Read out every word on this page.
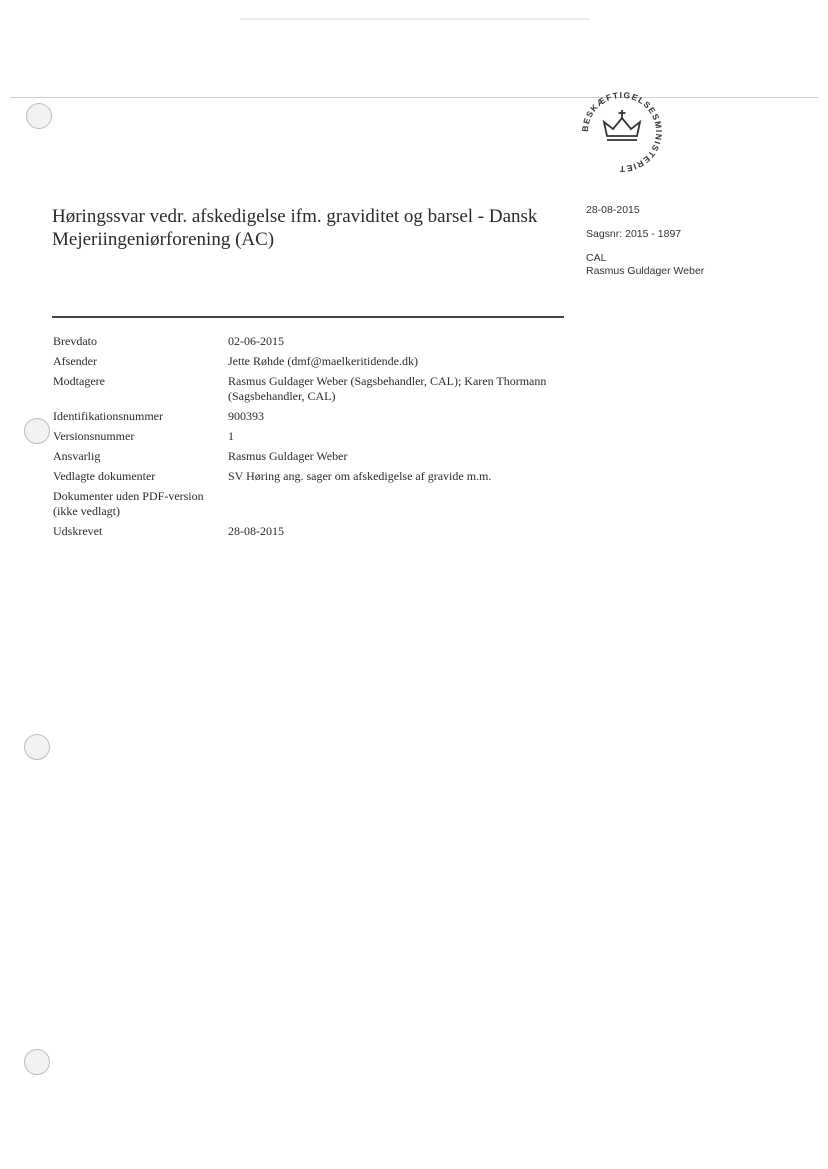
BESKÆFTIGELSESMINISTERIET
Høringssvar vedr. afskedigelse ifm. graviditet og barsel - Dansk Mejeriingeniørforening (AC)
28-08-2015
Sagsnr: 2015 - 1897
CAL
Rasmus Guldager Weber
Brevdato	02-06-2015
Afsender	Jette Røhde (dmf@maelkeritidende.dk)
Modtagere	Rasmus Guldager Weber (Sagsbehandler, CAL); Karen Thormann (Sagsbehandler, CAL)
Identifikationsnummer	900393
Versionsnummer	1
Ansvarlig	Rasmus Guldager Weber
Vedlagte dokumenter	SV Høring ang. sager om afskedigelse af gravide m.m.
Dokumenter uden PDF-version (ikke vedlagt)
Udskrevet	28-08-2015
